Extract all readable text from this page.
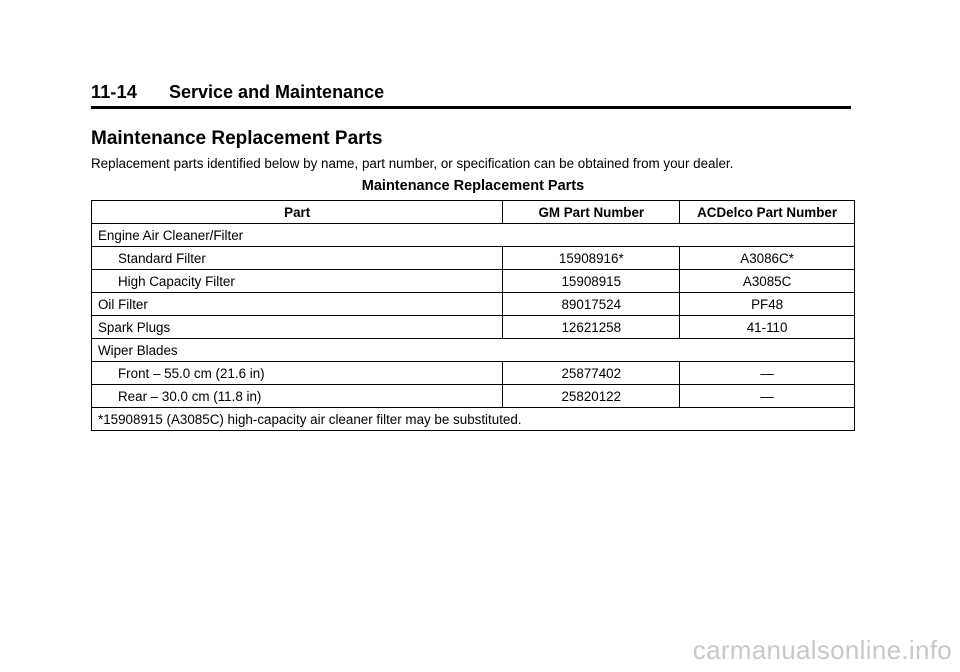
11-14 Service and Maintenance
Maintenance Replacement Parts

Replacement parts identified below by name, part number, or specification can be obtained from your dealer.

Maintenance Replacement Parts

Part	GM Part Number	ACDelco Part Number
Engine Air Cleaner/Filter		
Standard Filter	15908916*	A3086C*
High Capacity Filter	15908915	A3085C
Oil Filter	89017524	PF48
Spark Plugs	12621258	41-110
Wiper Blades		
Front – 55.0 cm (21.6 in)	25877402	—
Rear – 30.0 cm (11.8 in)	25820122	—
*15908915 (A3085C) high-capacity air cleaner filter may be substituted.		
carmanualsonline.info
